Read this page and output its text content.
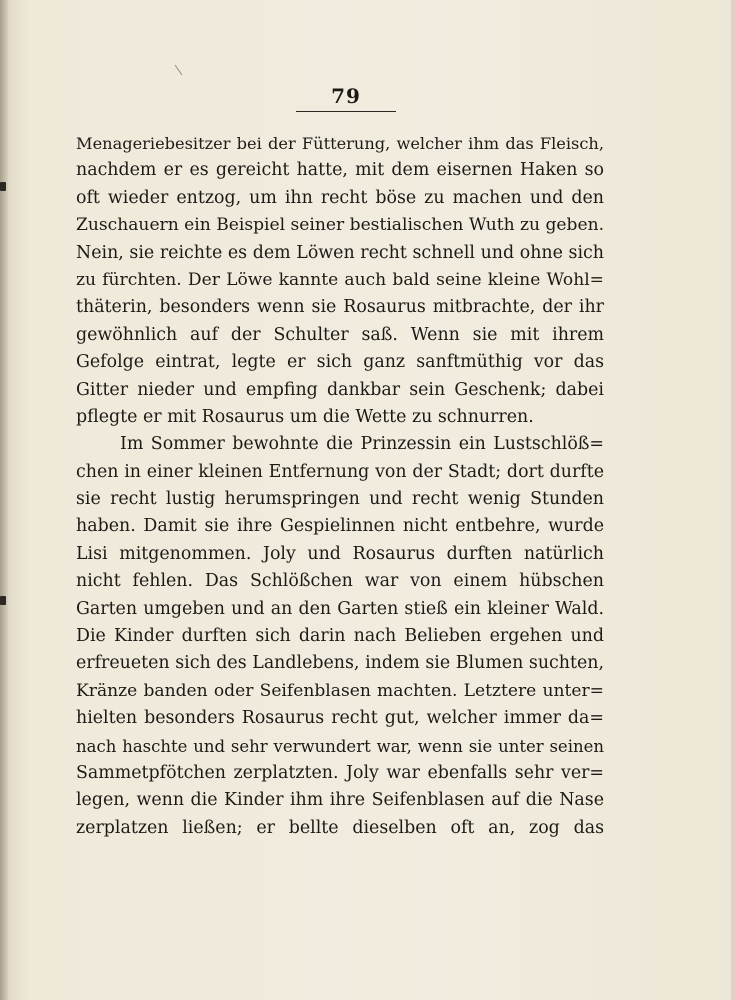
79
Menageriebesitzer bei der Fütterung, welcher ihm das Fleisch,
nachdem er es gereicht hatte, mit dem eisernen Haken so
oft wieder entzog, um ihn recht böse zu machen und den
Zuschauern ein Beispiel seiner bestialischen Wuth zu geben.
Nein, sie reichte es dem Löwen recht schnell und ohne sich
zu fürchten. Der Löwe kannte auch bald seine kleine Wohl=
thäterin, besonders wenn sie Rosaurus mitbrachte, der ihr
gewöhnlich auf der Schulter saß. Wenn sie mit ihrem
Gefolge eintrat, legte er sich ganz sanftmüthig vor das
Gitter nieder und empfing dankbar sein Geschenk; dabei
pflegte er mit Rosaurus um die Wette zu schnurren.
Im Sommer bewohnte die Prinzessin ein Lustschlöß=
chen in einer kleinen Entfernung von der Stadt; dort durfte
sie recht lustig herumspringen und recht wenig Stunden
haben. Damit sie ihre Gespielinnen nicht entbehre, wurde
Lisi mitgenommen. Joly und Rosaurus durften natürlich
nicht fehlen. Das Schlößchen war von einem hübschen
Garten umgeben und an den Garten stieß ein kleiner Wald.
Die Kinder durften sich darin nach Belieben ergehen und
erfreueten sich des Landlebens, indem sie Blumen suchten,
Kränze banden oder Seifenblasen machten. Letztere unter=
hielten besonders Rosaurus recht gut, welcher immer da=
nach haschte und sehr verwundert war, wenn sie unter seinen
Sammetpfötchen zerplatzten. Joly war ebenfalls sehr ver=
legen, wenn die Kinder ihm ihre Seifenblasen auf die Nase
zerplatzen ließen; er bellte dieselben oft an, zog das
